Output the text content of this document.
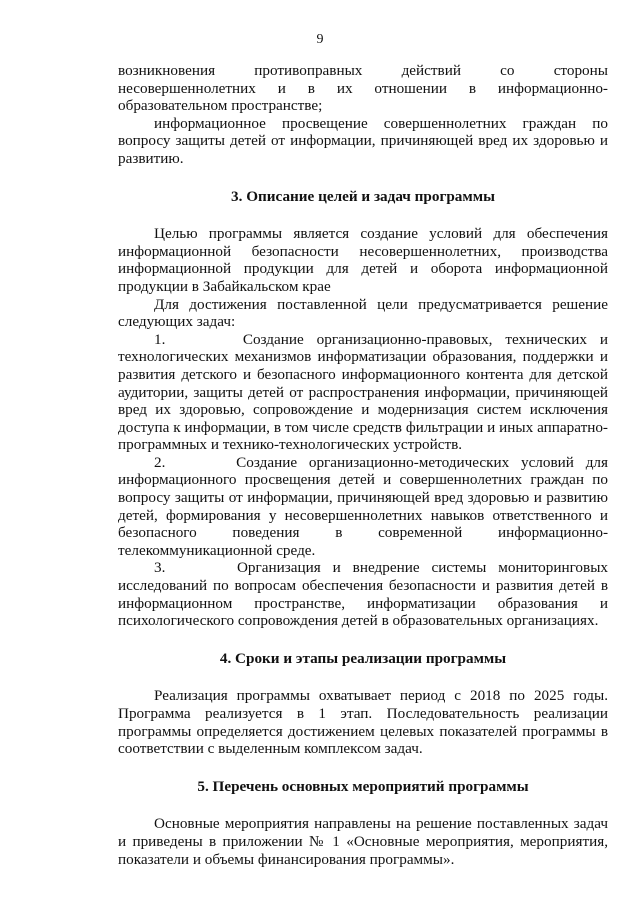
9

возникновения противоправных действий со стороны несовершеннолетних и в их отношении в информационно-образовательном пространстве;

информационное просвещение совершеннолетних граждан по вопросу защиты детей от информации, причиняющей вред их здоровью и развитию.

3. Описание целей и задач программы

Целью программы является создание условий для обеспечения информационной безопасности несовершеннолетних, производства информационной продукции для детей и оборота информационной продукции в Забайкальском крае

Для достижения поставленной цели предусматривается решение следующих задач:

1.      Создание организационно-правовых, технических и технологических механизмов информатизации образования, поддержки и развития детского и безопасного информационного контента для детской аудитории, защиты детей от распространения информации, причиняющей вред их здоровью, сопровождение и модернизация систем исключения доступа к информации, в том числе средств фильтрации и иных аппаратно-программных и технико-технологических устройств.

2.      Создание организационно-методических условий для информационного просвещения детей и совершеннолетних граждан по вопросу защиты от информации, причиняющей вред здоровью и развитию детей, формирования у несовершеннолетних навыков ответственного и безопасного поведения в современной информационно-телекоммуникационной среде.

3.      Организация и внедрение системы мониторинговых исследований по вопросам обеспечения безопасности и развития детей в информационном пространстве, информатизации образования и психологического сопровождения детей в образовательных организациях.

4. Сроки и этапы реализации программы

Реализация программы охватывает период с 2018 по 2025 годы. Программа реализуется в 1 этап. Последовательность реализации программы определяется достижением целевых показателей программы в соответствии с выделенным комплексом задач.

5. Перечень основных мероприятий программы

Основные мероприятия направлены на решение поставленных задач и приведены в приложении № 1 «Основные мероприятия, мероприятия, показатели и объемы финансирования программы».
